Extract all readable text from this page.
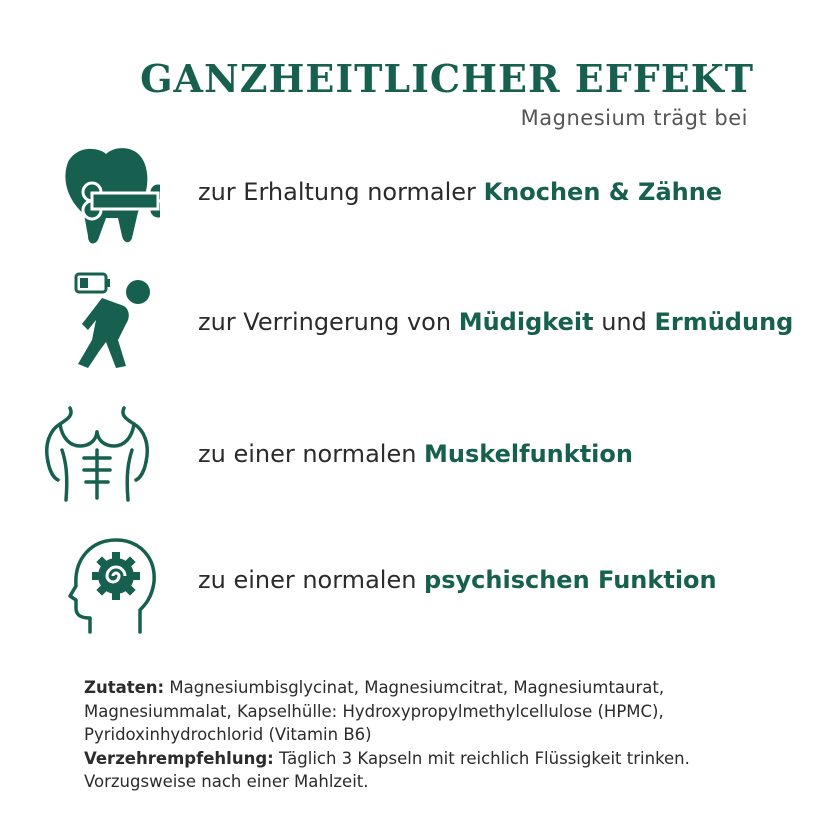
GANZHEITLICHER EFFEKT
Magnesium trägt bei
zur Erhaltung normaler Knochen & Zähne
zur Verringerung von Müdigkeit und Ermüdung
zu einer normalen Muskelfunktion
zu einer normalen psychischen Funktion
Zutaten: Magnesiumbisglycinat, Magnesiumcitrat, Magnesiumtaurat, Magnesiummalat, Kapselhülle: Hydroxypropylmethylcellulose (HPMC), Pyridoxinhydrochlorid (Vitamin B6)
Verzehrempfehlung: Täglich 3 Kapseln mit reichlich Flüssigkeit trinken. Vorzugsweise nach einer Mahlzeit.
